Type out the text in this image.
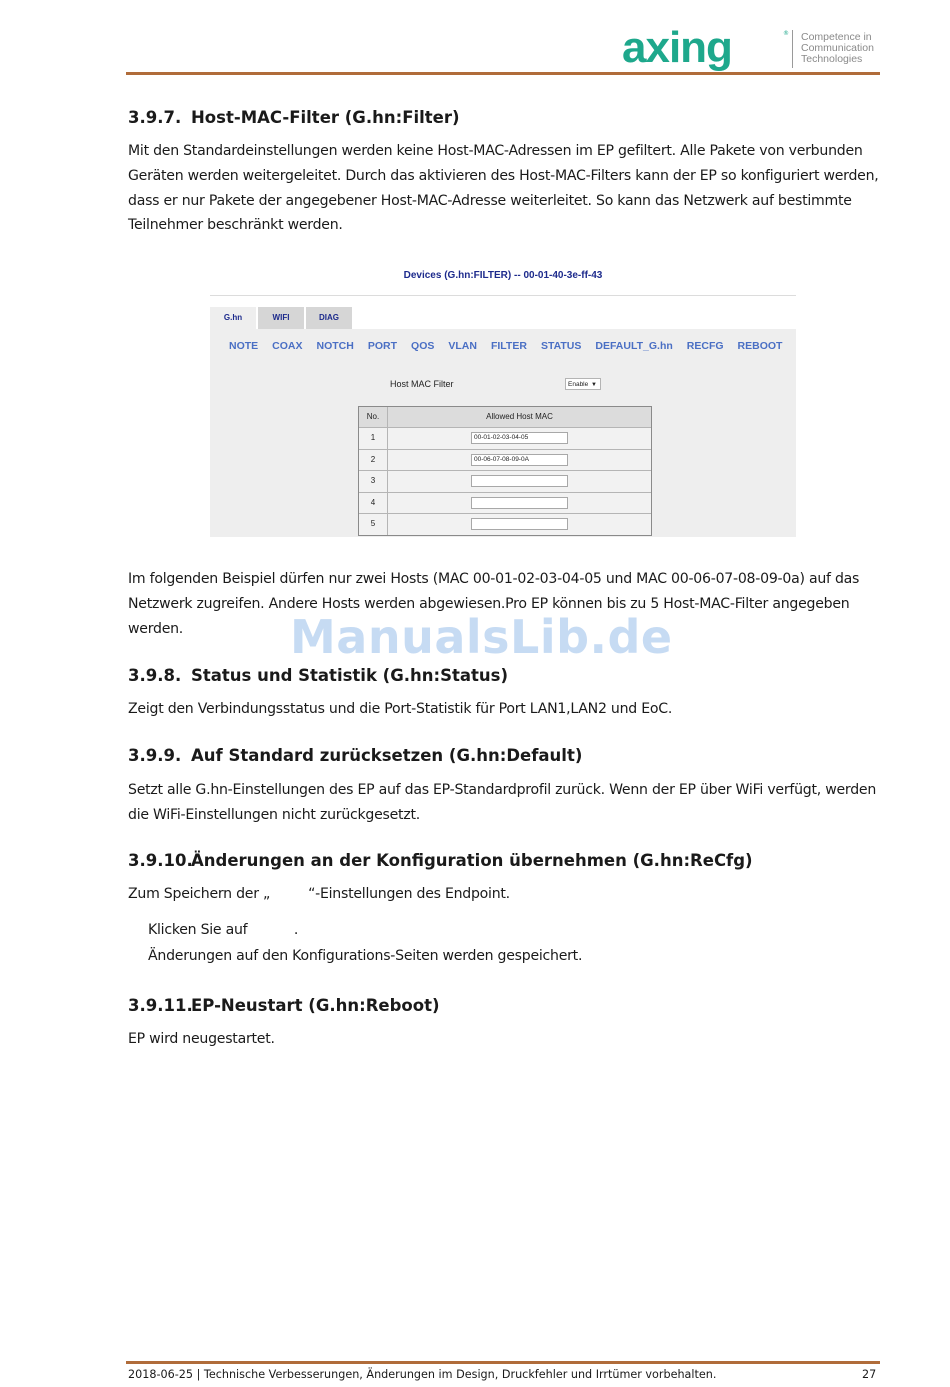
axing	® Competence in
Communication
Technologies
3.9.7. Host-MAC-Filter (G.hn:Filter)
Mit den Standardeinstellungen werden keine Host-MAC-Adressen im EP gefiltert. Alle Pakete von verbunden
Geräten werden weitergeleitet. Durch das aktivieren des Host-MAC-Filters kann der EP so konfiguriert werden,
dass er nur Pakete der angegebener Host-MAC-Adresse weiterleitet. So kann das Netzwerk auf bestimmte
Teilnehmer beschränkt werden.
Devices (G.hn:FILTER) -- 00-01-40-3e-ff-43
G.hn	WIFI	DIAG
NOTE COAX NOTCH PORT QOS VLAN FILTER STATUS DEFAULT_G.hn RECFG REBOOT
Host MAC Filter	Enable ▼
No.	Allowed Host MAC
1	00-01-02-03-04-05
2	00-06-07-08-09-0A
3
4
5
Im folgenden Beispiel dürfen nur zwei Hosts (MAC 00-01-02-03-04-05 und MAC 00-06-07-08-09-0a) auf das
Netzwerk zugreifen. Andere Hosts werden abgewiesen.Pro EP können bis zu 5 Host-MAC-Filter angegeben
werden.	ManualsLib.de
3.9.8. Status und Statistik (G.hn:Status)
Zeigt den Verbindungsstatus und die Port-Statistik für Port LAN1,LAN2 und EoC.
3.9.9. Auf Standard zurücksetzen (G.hn:Default)
Setzt alle G.hn-Einstellungen des EP auf das EP-Standardprofil zurück. Wenn der EP über WiFi verfügt, werden
die WiFi-Einstellungen nicht zurückgesetzt.
3.9.10.Änderungen an der Konfiguration übernehmen (G.hn:ReCfg)
Zum Speichern der „         “-Einstellungen des Endpoint.
Klicken Sie auf           .
Änderungen auf den Konfigurations-Seiten werden gespeichert.
3.9.11.EP-Neustart (G.hn:Reboot)
EP wird neugestartet.
2018-06-25 | Technische Verbesserungen, Änderungen im Design, Druckfehler und Irrtümer vorbehalten.	27
